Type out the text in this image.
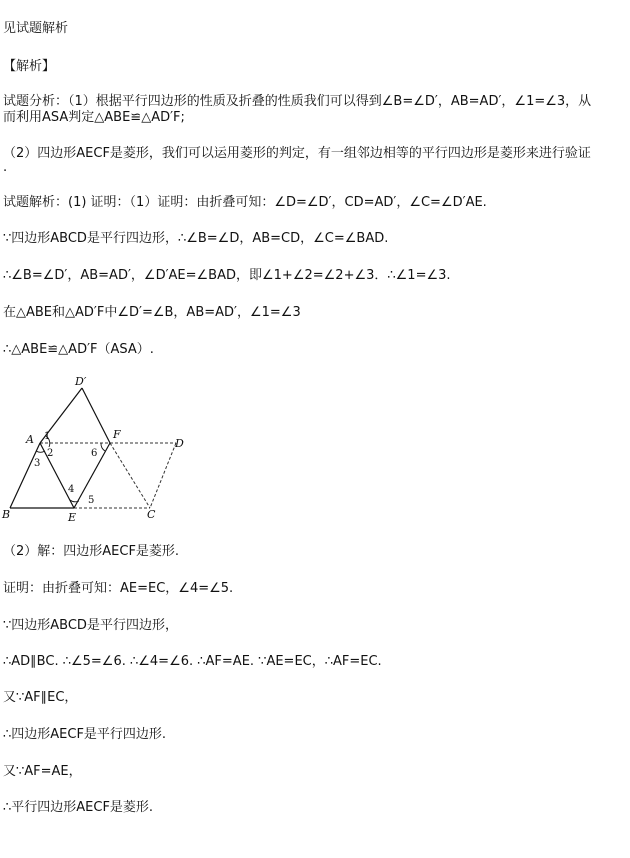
见试题解析

【解析】

试题分析：（1）根据平行四边形的性质及折叠的性质我们可以得到∠B=∠D′，AB=AD′，∠1=∠3，从

而利用ASA判定△ABE≌△AD′F;

（2）四边形AECF是菱形，我们可以运用菱形的判定，有一组邻边相等的平行四边形是菱形来进行验证

.

试题解析：(1) 证明：（1）证明：由折叠可知：∠D=∠D′，CD=AD′，∠C=∠D′AE.

∵四边形ABCD是平行四边形，∴∠B=∠D，AB=CD，∠C=∠BAD.

∴∠B=∠D′，AB=AD′，∠D′AE=∠BAD，即∠1+∠2=∠2+∠3．∴∠1=∠3.

在△ABE和△AD′F中∠D′=∠B，AB=AD′，∠1=∠3

∴△ABE≌△AD′F（ASA）.

D′
A	F
D
B	E	C
1
2
3
4
5
6

（2）解：四边形AECF是菱形.

证明：由折叠可知：AE=EC，∠4=∠5.

∵四边形ABCD是平行四边形，

∴AD∥BC. ∴∠5=∠6. ∴∠4=∠6. ∴AF=AE. ∵AE=EC，∴AF=EC.

又∵AF∥EC，

∴四边形AECF是平行四边形.

又∵AF=AE，

∴平行四边形AECF是菱形.
